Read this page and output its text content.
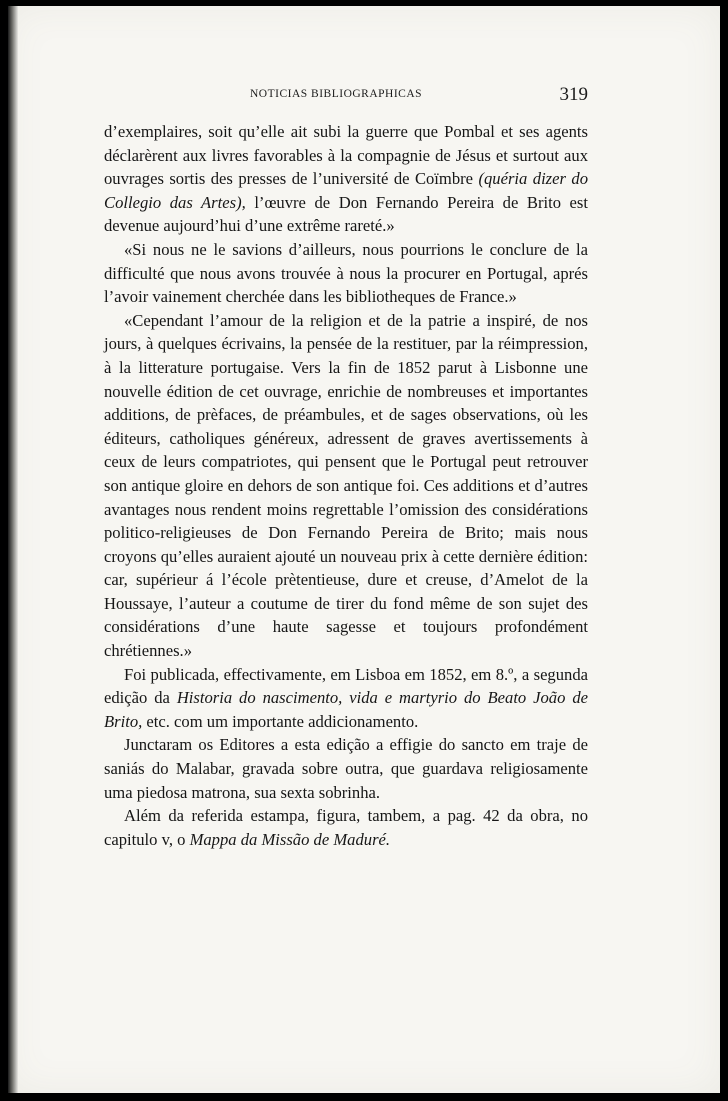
NOTICIAS BIBLIOGRAPHICAS	319

d’exemplaires, soit qu’elle ait subi la guerre que Pombal et ses agents déclarèrent aux livres favorables à la compagnie de Jésus et surtout aux ouvrages sortis des presses de l’université de Coïmbre (quéria dizer do Collegio das Artes), l’œuvre de Don Fernando Pereira de Brito est devenue aujourd’hui d’une extrême rareté.»

«Si nous ne le savions d’ailleurs, nous pourrions le conclure de la difficulté que nous avons trouvée à nous la procurer en Portugal, aprés l’avoir vainement cherchée dans les bibliotheques de France.»

«Cependant l’amour de la religion et de la patrie a inspiré, de nos jours, à quelques écrivains, la pensée de la restituer, par la réimpression, à la litterature portugaise. Vers la fin de 1852 parut à Lisbonne une nouvelle édition de cet ouvrage, enrichie de nombreuses et importantes additions, de prèfaces, de préambules, et de sages observations, où les éditeurs, catholiques généreux, adressent de graves avertissements à ceux de leurs compatriotes, qui pensent que le Portugal peut retrouver son antique gloire en dehors de son antique foi. Ces additions et d’autres avantages nous rendent moins regrettable l’omission des considérations politico-religieuses de Don Fernando Pereira de Brito; mais nous croyons qu’elles auraient ajouté un nouveau prix à cette dernière édition: car, supérieur á l’école prètentieuse, dure et creuse, d’Amelot de la Houssaye, l’auteur a coutume de tirer du fond même de son sujet des considérations d’une haute sagesse et toujours profondément chrétiennes.»

Foi publicada, effectivamente, em Lisboa em 1852, em 8.º, a segunda edição da Historia do nascimento, vida e martyrio do Beato João de Brito, etc. com um importante addicionamento.

Junctaram os Editores a esta edição a effigie do sancto em traje de saniás do Malabar, gravada sobre outra, que guardava religiosamente uma piedosa matrona, sua sexta sobrinha.

Além da referida estampa, figura, tambem, a pag. 42 da obra, no capitulo v, o Mappa da Missão de Maduré.
